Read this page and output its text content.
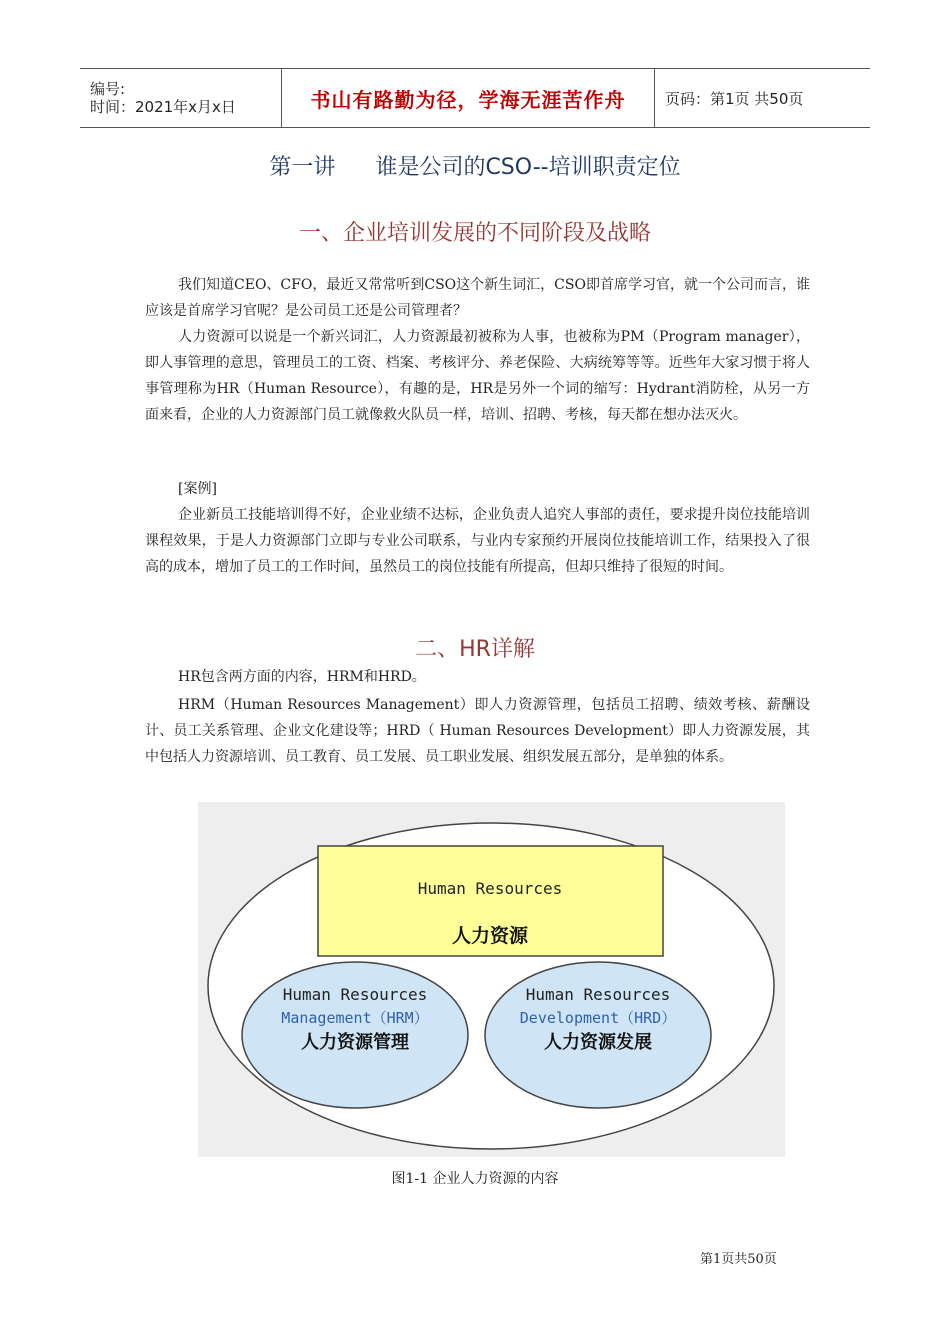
编号:
时间：2021年x月x日	书山有路勤为径，学海无涯苦作舟	页码：第1页 共50页
第一讲 谁是公司的CSO--培训职责定位
一、企业培训发展的不同阶段及战略

我们知道CEO、CFO，最近又常常听到CSO这个新生词汇，CSO即首席学习官，就一个公司而言，谁应该是首席学习官呢？是公司员工还是公司管理者？

人力资源可以说是一个新兴词汇，人力资源最初被称为人事，也被称为PM（Program manager），即人事管理的意思，管理员工的工资、档案、考核评分、养老保险、大病统筹等等。近些年大家习惯于将人事管理称为HR（Human Resource），有趣的是，HR是另外一个词的缩写：Hydrant消防栓，从另一方面来看，企业的人力资源部门员工就像救火队员一样，培训、招聘、考核，每天都在想办法灭火。

[案例]

企业新员工技能培训得不好，企业业绩不达标，企业负责人追究人事部的责任，要求提升岗位技能培训课程效果，于是人力资源部门立即与专业公司联系，与业内专家预约开展岗位技能培训工作，结果投入了很高的成本，增加了员工的工作时间，虽然员工的岗位技能有所提高，但却只维持了很短的时间。

二、HR详解

HR包含两方面的内容，HRM和HRD。

HRM（Human Resources Management）即人力资源管理，包括员工招聘、绩效考核、薪酬设计、员工关系管理、企业文化建设等；HRD（ Human Resources Development）即人力资源发展，其中包括人力资源培训、员工教育、员工发展、员工职业发展、组织发展五部分，是单独的体系。

Human Resources
人力资源
Human Resources
Management（HRM）
人力资源管理
Human Resources
Development（HRD）
人力资源发展
图1-1 企业人力资源的内容
第1页共50页
